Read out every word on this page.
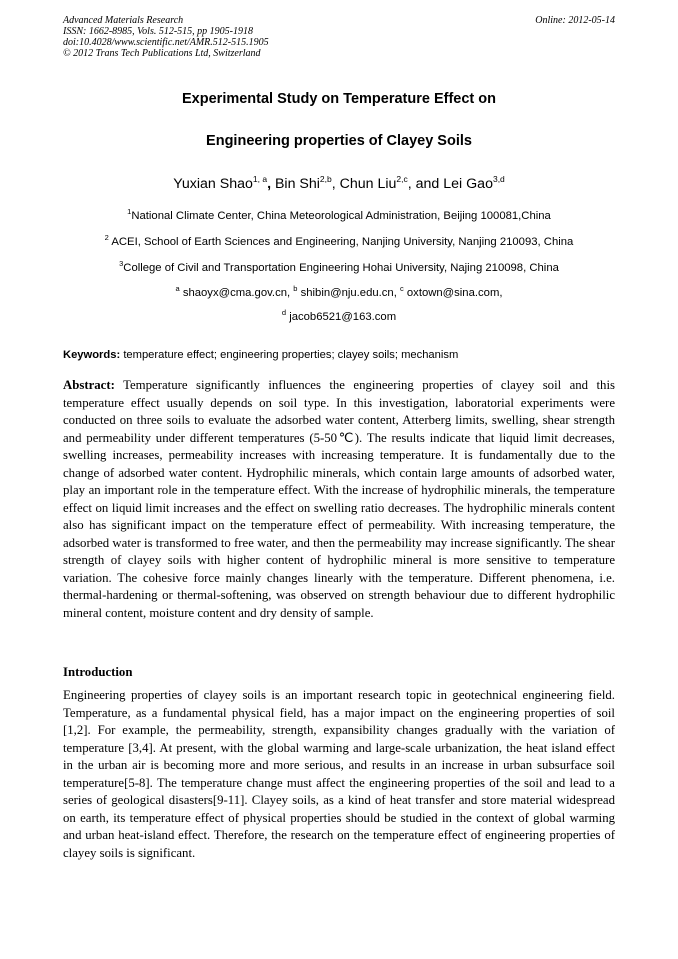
Advanced Materials Research
ISSN: 1662-8985, Vols. 512-515, pp 1905-1918
doi:10.4028/www.scientific.net/AMR.512-515.1905
© 2012 Trans Tech Publications Ltd, Switzerland
Online: 2012-05-14
Experimental Study on Temperature Effect on
Engineering properties of Clayey Soils
Yuxian Shao$^{1, a}$, Bin Shi$^{2,b}$, Chun Liu$^{2,c}$, and Lei Gao$^{3,d}$
$^1$National Climate Center, China Meteorological Administration, Beijing 100081,China
$^2$ ACEI, School of Earth Sciences and Engineering, Nanjing University, Nanjing 210093, China
$^3$College of Civil and Transportation Engineering Hohai University, Najing 210098, China
$^a$ shaoyx@cma.gov.cn, $^b$ shibin@nju.edu.cn, $^c$ oxtown@sina.com,
$^d$ jacob6521@163.com
Keywords: temperature effect; engineering properties; clayey soils; mechanism
Abstract: Temperature significantly influences the engineering properties of clayey soil and this temperature effect usually depends on soil type. In this investigation, laboratorial experiments were conducted on three soils to evaluate the adsorbed water content, Atterberg limits, swelling, shear strength and permeability under different temperatures (5-50℃). The results indicate that liquid limit decreases, swelling increases, permeability increases with increasing temperature. It is fundamentally due to the change of adsorbed water content. Hydrophilic minerals, which contain large amounts of adsorbed water, play an important role in the temperature effect. With the increase of hydrophilic minerals, the temperature effect on liquid limit increases and the effect on swelling ratio decreases. The hydrophilic minerals content also has significant impact on the temperature effect of permeability. With increasing temperature, the adsorbed water is transformed to free water, and then the permeability may increase significantly. The shear strength of clayey soils with higher content of hydrophilic mineral is more sensitive to temperature variation. The cohesive force mainly changes linearly with the temperature. Different phenomena, i.e. thermal-hardening or thermal-softening, was observed on strength behaviour due to different hydrophilic mineral content, moisture content and dry density of sample.
Introduction
Engineering properties of clayey soils is an important research topic in geotechnical engineering field. Temperature, as a fundamental physical field, has a major impact on the engineering properties of soil [1,2]. For example, the permeability, strength, expansibility changes gradually with the variation of temperature [3,4]. At present, with the global warming and large-scale urbanization, the heat island effect in the urban air is becoming more and more serious, and results in an increase in urban subsurface soil temperature[5-8]. The temperature change must affect the engineering properties of the soil and lead to a series of geological disasters[9-11]. Clayey soils, as a kind of heat transfer and store material widespread on earth, its temperature effect of physical properties should be studied in the context of global warming and urban heat-island effect. Therefore, the research on the temperature effect of engineering properties of clayey soils is significant.
